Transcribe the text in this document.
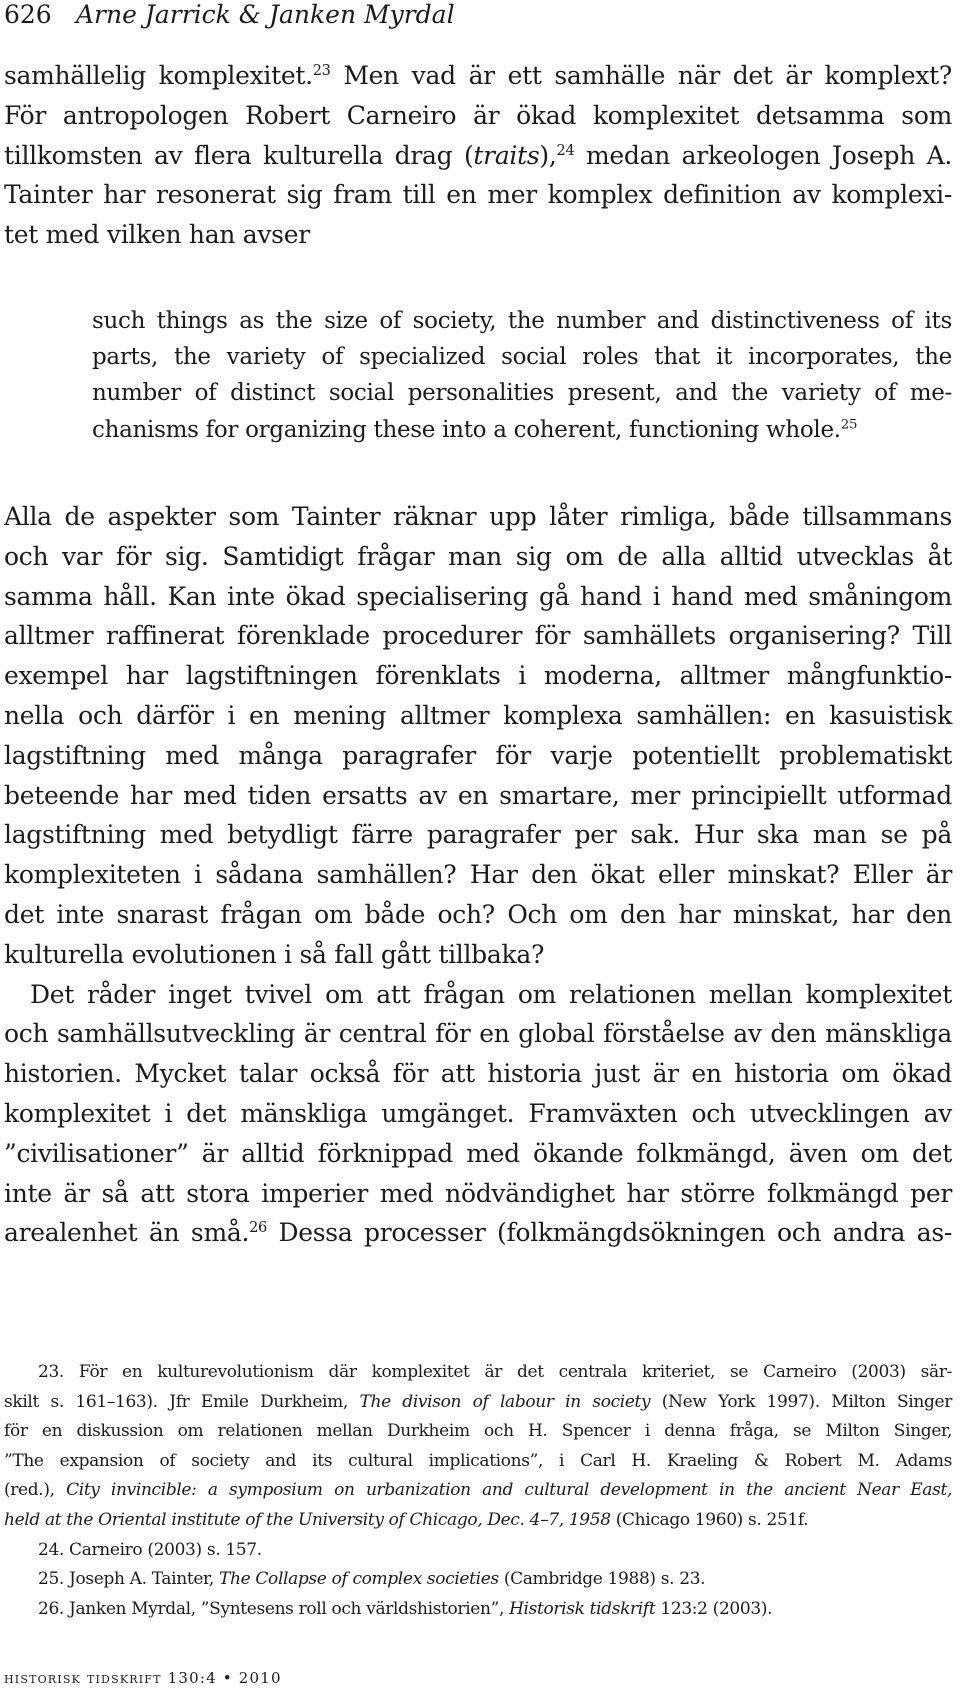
626 Arne Jarrick & Janken Myrdal
samhällelig komplexitet.$^{23}$ Men vad är ett samhälle när det är komplext?
För antropologen Robert Carneiro är ökad komplexitet detsamma som
tillkomsten av flera kulturella drag (traits),$^{24}$ medan arkeologen Joseph A.
Tainter har resonerat sig fram till en mer komplex definition av komplexi-
tet med vilken han avser
such things as the size of society, the number and distinctiveness of its
parts, the variety of specialized social roles that it incorporates, the
number of distinct social personalities present, and the variety of me-
chanisms for organizing these into a coherent, functioning whole.$^{25}$
Alla de aspekter som Tainter räknar upp låter rimliga, både tillsammans
och var för sig. Samtidigt frågar man sig om de alla alltid utvecklas åt
samma håll. Kan inte ökad specialisering gå hand i hand med småningom
alltmer raffinerat förenklade procedurer för samhällets organisering? Till
exempel har lagstiftningen förenklats i moderna, alltmer mångfunktio-
nella och därför i en mening alltmer komplexa samhällen: en kasuistisk
lagstiftning med många paragrafer för varje potentiellt problematiskt
beteende har med tiden ersatts av en smartare, mer principiellt utformad
lagstiftning med betydligt färre paragrafer per sak. Hur ska man se på
komplexiteten i sådana samhällen? Har den ökat eller minskat? Eller är
det inte snarast frågan om både och? Och om den har minskat, har den
kulturella evolutionen i så fall gått tillbaka?
Det råder inget tvivel om att frågan om relationen mellan komplexitet
och samhällsutveckling är central för en global förståelse av den mänskliga
historien. Mycket talar också för att historia just är en historia om ökad
komplexitet i det mänskliga umgänget. Framväxten och utvecklingen av
”civilisationer” är alltid förknippad med ökande folkmängd, även om det
inte är så att stora imperier med nödvändighet har större folkmängd per
arealenhet än små.$^{26}$ Dessa processer (folkmängdsökningen och andra as-
23. För en kulturevolutionism där komplexitet är det centrala kriteriet, se Carneiro (2003) sär-
skilt s. 161–163). Jfr Emile Durkheim, The divison of labour in society (New York 1997). Milton Singer
för en diskussion om relationen mellan Durkheim och H. Spencer i denna fråga, se Milton Singer,
”The expansion of society and its cultural implications”, i Carl H. Kraeling & Robert M. Adams
(red.), City invincible: a symposium on urbanization and cultural development in the ancient Near East,
held at the Oriental institute of the University of Chicago, Dec. 4–7, 1958 (Chicago 1960) s. 251f.
24. Carneiro (2003) s. 157.
25. Joseph A. Tainter, The Collapse of complex societies (Cambridge 1988) s. 23.
26. Janken Myrdal, ”Syntesens roll och världshistorien”, Historisk tidskrift 123:2 (2003).
historisk tidskrift 130:4 • 2010
